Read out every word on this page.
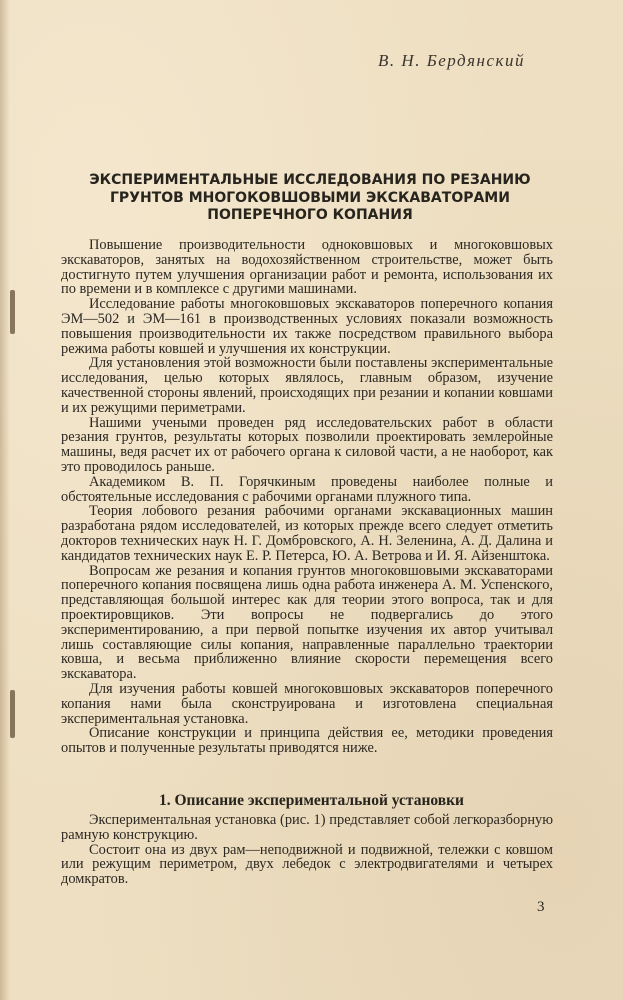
В. Н. Бердянский
ЭКСПЕРИМЕНТАЛЬНЫЕ ИССЛЕДОВАНИЯ ПО РЕЗАНИЮ
ГРУНТОВ МНОГОКОВШОВЫМИ ЭКСКАВАТОРАМИ
ПОПЕРЕЧНОГО КОПАНИЯ

Повышение производительности одноковшовых и многоковшовых экскаваторов, занятых на водохозяйственном строительстве, может быть достигнуто путем улучшения организации работ и ремонта, использования их по времени и в комплексе с другими машинами.

Исследование работы многоковшовых экскаваторов поперечного копания ЭМ—502 и ЭМ—161 в производственных условиях показали возможность повышения производительности их также посредством правильного выбора режима работы ковшей и улучшения их конструкции.

Для установления этой возможности были поставлены экспериментальные исследования, целью которых являлось, главным образом, изучение качественной стороны явлений, происходящих при резании и копании ковшами и их режущими периметрами.

Нашими учеными проведен ряд исследовательских работ в области резания грунтов, результаты которых позволили проектировать землеройные машины, ведя расчет их от рабочего органа к силовой части, а не наоборот, как это проводилось раньше.

Академиком В. П. Горячкиным проведены наиболее полные и обстоятельные исследования с рабочими органами плужного типа.

Теория лобового резания рабочими органами экскавационных машин разработана рядом исследователей, из которых прежде всего следует отметить докторов технических наук Н. Г. Домбровского, А. Н. Зеленина, А. Д. Далина и кандидатов технических наук Е. Р. Петерса, Ю. А. Ветрова и И. Я. Айзенштока.

Вопросам же резания и копания грунтов многоковшовыми экскаваторами поперечного копания посвящена лишь одна работа инженера А. М. Успенского, представляющая большой интерес как для теории этого вопроса, так и для проектировщиков. Эти вопросы не подвергались до этого экспериментированию, а при первой попытке изучения их автор учитывал лишь составляющие силы копания, направленные параллельно траектории ковша, и весьма приближенно влияние скорости перемещения всего экскаватора.

Для изучения работы ковшей многоковшовых экскаваторов поперечного копания нами была сконструирована и изготовлена специальная экспериментальная установка.

Описание конструкции и принципа действия ее, методики проведения опытов и полученные результаты приводятся ниже.

1. Описание экспериментальной установки

Экспериментальная установка (рис. 1) представляет собой легкоразборную рамную конструкцию.

Состоит она из двух рам—неподвижной и подвижной, тележки с ковшом или режущим периметром, двух лебедок с электродвигателями и четырех домкратов.

3
